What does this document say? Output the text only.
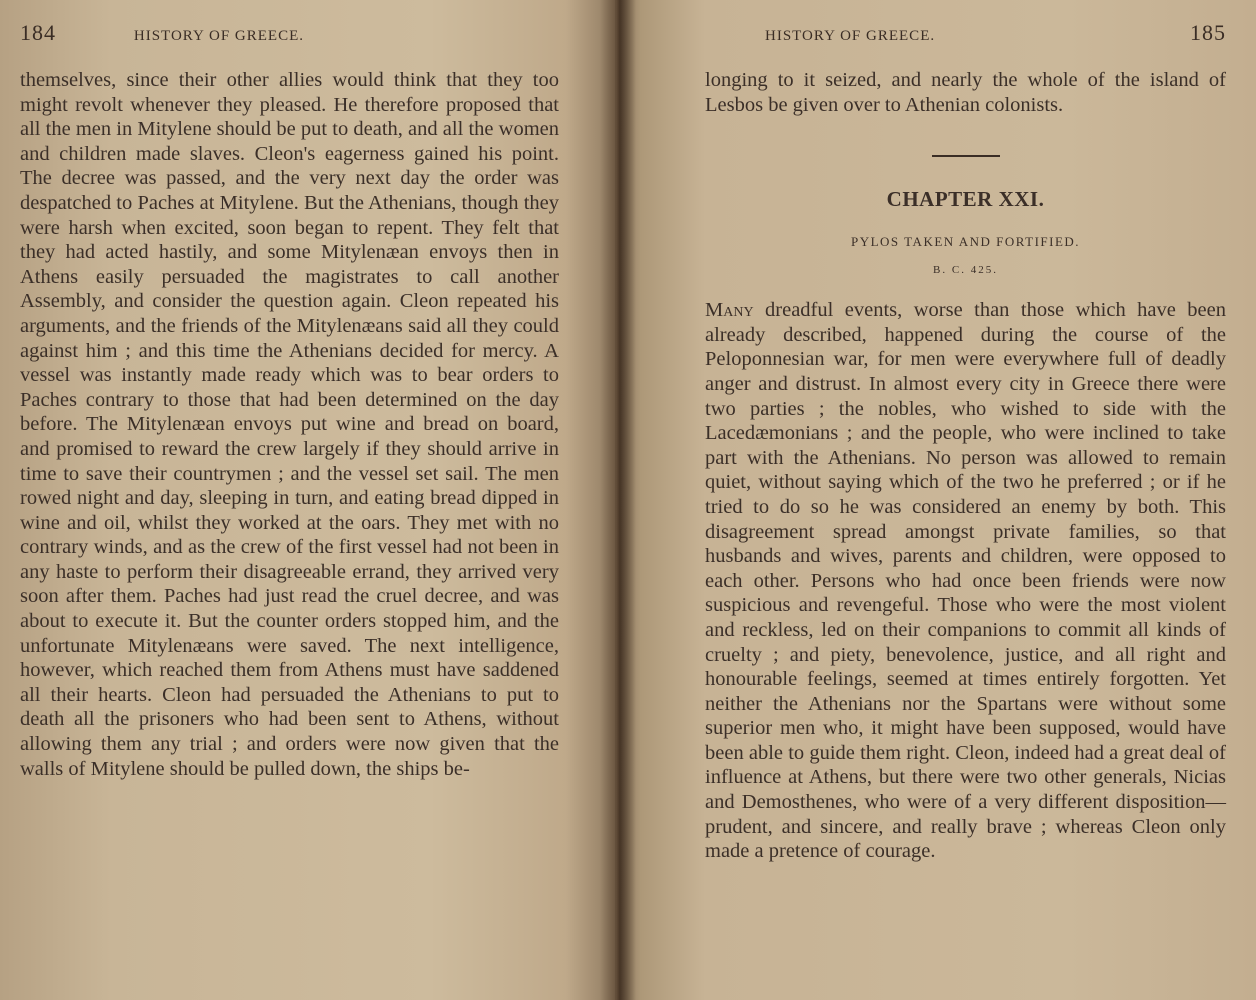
184	HISTORY OF GREECE.
themselves, since their other allies would think that they too might revolt whenever they pleased. He therefore proposed that all the men in Mitylene should be put to death, and all the women and children made slaves. Cleon's eagerness gained his point. The decree was passed, and the very next day the order was despatched to Paches at Mitylene. But the Athenians, though they were harsh when excited, soon began to repent. They felt that they had acted hastily, and some Mitylenæan envoys then in Athens easily persuaded the magistrates to call another Assembly, and consider the question again. Cleon repeated his arguments, and the friends of the Mitylenæans said all they could against him ; and this time the Athenians decided for mercy. A vessel was instantly made ready which was to bear orders to Paches contrary to those that had been determined on the day before. The Mitylenæan envoys put wine and bread on board, and promised to reward the crew largely if they should arrive in time to save their countrymen ; and the vessel set sail. The men rowed night and day, sleeping in turn, and eating bread dipped in wine and oil, whilst they worked at the oars. They met with no contrary winds, and as the crew of the first vessel had not been in any haste to perform their disagreeable errand, they arrived very soon after them. Paches had just read the cruel decree, and was about to execute it. But the counter orders stopped him, and the unfortunate Mitylenæans were saved. The next intelligence, however, which reached them from Athens must have saddened all their hearts. Cleon had persuaded the Athenians to put to death all the prisoners who had been sent to Athens, without allowing them any trial ; and orders were now given that the walls of Mitylene should be pulled down, the ships be-
HISTORY OF GREECE.	185
longing to it seized, and nearly the whole of the island of Lesbos be given over to Athenian colonists.
CHAPTER XXI.
PYLOS TAKEN AND FORTIFIED.
B. C. 425.
Many dreadful events, worse than those which have been already described, happened during the course of the Peloponnesian war, for men were everywhere full of deadly anger and distrust. In almost every city in Greece there were two parties ; the nobles, who wished to side with the Lacedæmonians ; and the people, who were inclined to take part with the Athenians. No person was allowed to remain quiet, without saying which of the two he preferred ; or if he tried to do so he was considered an enemy by both. This disagreement spread amongst private families, so that husbands and wives, parents and children, were opposed to each other. Persons who had once been friends were now suspicious and revengeful. Those who were the most violent and reckless, led on their companions to commit all kinds of cruelty ; and piety, benevolence, justice, and all right and honourable feelings, seemed at times entirely forgotten. Yet neither the Athenians nor the Spartans were without some superior men who, it might have been supposed, would have been able to guide them right. Cleon, indeed had a great deal of influence at Athens, but there were two other generals, Nicias and Demosthenes, who were of a very different disposition—prudent, and sincere, and really brave ; whereas Cleon only made a pretence of courage.
